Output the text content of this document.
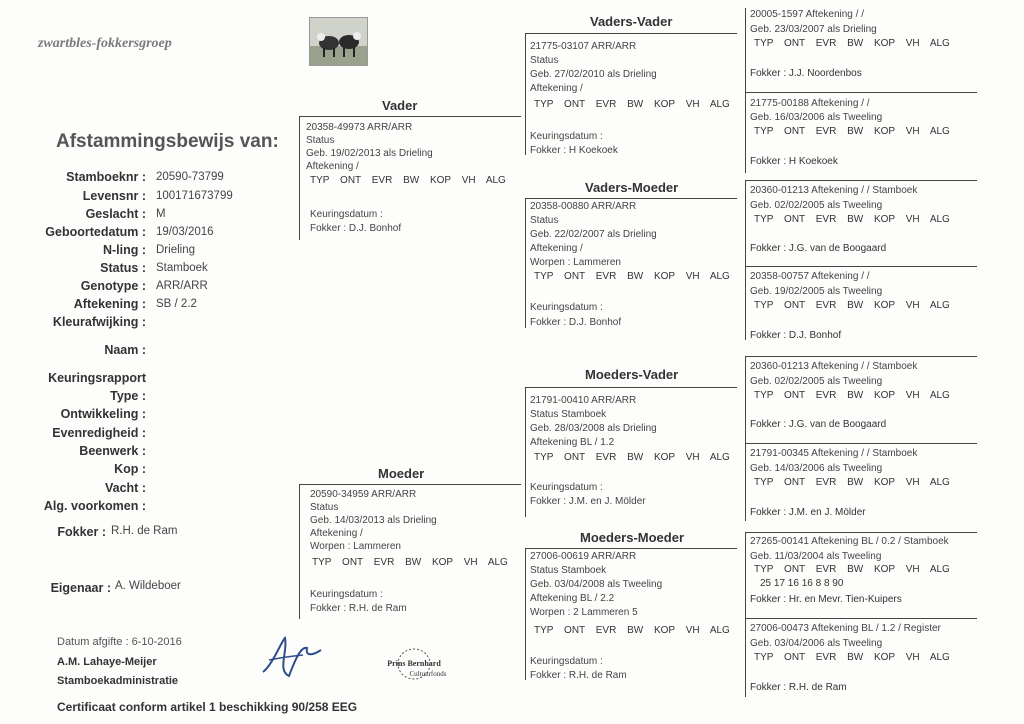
zwartbles-fokkersgroep
Afstammingsbewijs van:
Stamboeknr : 20590-73799
Levensnr : 100171673799
Geslacht : M
Geboortedatum : 19/03/2016
N-ling : Drieling
Status : Stamboek
Genotype : ARR/ARR
Aftekening : SB / 2.2
Kleurafwijking :
Naam :
Keuringsrapport
Type :
Ontwikkeling :
Evenredigheid :
Beenwerk :
Kop :
Vacht :
Alg. voorkomen :
Fokker : R.H. de Ram
Eigenaar : A. Wildeboer
Datum afgifte : 6-10-2016
A.M. Lahaye-Meijer
Stamboekadministratie
Certificaat conform artikel 1 beschikking 90/258 EEG
Prins Bernhard
Cultuurfonds
Vader
20358-49973 ARR/ARR
Status
Geb. 19/02/2013 als Drieling
Aftekening /
TYP ONT EVR BW KOP VH ALG
Keuringsdatum :
Fokker : D.J. Bonhof
Moeder
20590-34959 ARR/ARR
Status
Geb. 14/03/2013 als Drieling
Aftekening /
Worpen : Lammeren
TYP ONT EVR BW KOP VH ALG
Keuringsdatum :
Fokker : R.H. de Ram
Vaders-Vader
21775-03107 ARR/ARR
Status
Geb. 27/02/2010 als Drieling
Aftekening /
TYP ONT EVR BW KOP VH ALG
Keuringsdatum :
Fokker : H Koekoek
Vaders-Moeder
20358-00880 ARR/ARR
Status
Geb. 22/02/2007 als Drieling
Aftekening /
Worpen : Lammeren
TYP ONT EVR BW KOP VH ALG
Keuringsdatum :
Fokker : D.J. Bonhof
Moeders-Vader
21791-00410 ARR/ARR
Status Stamboek
Geb. 28/03/2008 als Drieling
Aftekening BL / 1.2
TYP ONT EVR BW KOP VH ALG
Keuringsdatum :
Fokker : J.M. en J. Mölder
Moeders-Moeder
27006-00619 ARR/ARR
Status Stamboek
Geb. 03/04/2008 als Tweeling
Aftekening BL / 2.2
Worpen : 2 Lammeren 5
TYP ONT EVR BW KOP VH ALG
Keuringsdatum :
Fokker : R.H. de Ram
20005-1597 Aftekening / /
Geb. 23/03/2007 als Drieling
TYP ONT EVR BW KOP VH ALG
Fokker : J.J. Noordenbos
21775-00188 Aftekening / /
Geb. 16/03/2006 als Tweeling
TYP ONT EVR BW KOP VH ALG
Fokker : H Koekoek
20360-01213 Aftekening / / Stamboek
Geb. 02/02/2005 als Tweeling
TYP ONT EVR BW KOP VH ALG
Fokker : J.G. van de Boogaard
20358-00757 Aftekening / /
Geb. 19/02/2005 als Tweeling
TYP ONT EVR BW KOP VH ALG
Fokker : D.J. Bonhof
20360-01213 Aftekening / / Stamboek
Geb. 02/02/2005 als Tweeling
TYP ONT EVR BW KOP VH ALG
Fokker : J.G. van de Boogaard
21791-00345 Aftekening / / Stamboek
Geb. 14/03/2006 als Tweeling
TYP ONT EVR BW KOP VH ALG
Fokker : J.M. en J. Mölder
27265-00141 Aftekening BL / 0.2 / Stamboek
Geb. 11/03/2004 als Tweeling
TYP ONT EVR BW KOP VH ALG
25 17 16 16 8 8 90
Fokker : Hr. en Mevr. Tien-Kuipers
27006-00473 Aftekening BL / 1.2 / Register
Geb. 03/04/2006 als Tweeling
TYP ONT EVR BW KOP VH ALG
Fokker : R.H. de Ram
